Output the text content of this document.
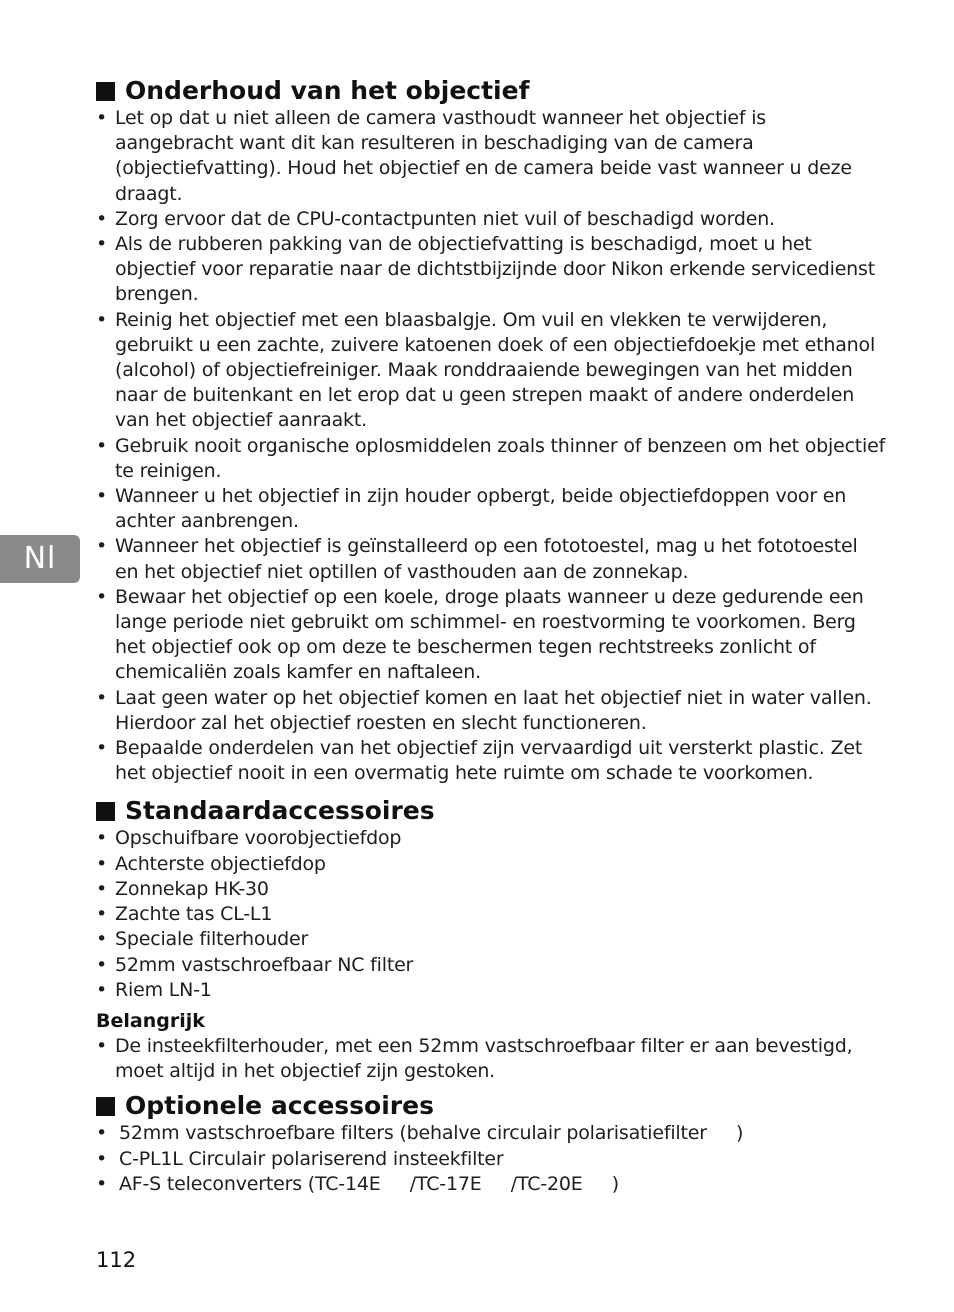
Nl
Onderhoud van het objectief
• Let op dat u niet alleen de camera vasthoudt wanneer het objectief is aangebracht want dit kan resulteren in beschadiging van de camera (objectiefvatting). Houd het objectief en de camera beide vast wanneer u deze draagt.
• Zorg ervoor dat de CPU-contactpunten niet vuil of beschadigd worden.
• Als de rubberen pakking van de objectiefvatting is beschadigd, moet u het objectief voor reparatie naar de dichtstbijzijnde door Nikon erkende servicedienst brengen.
• Reinig het objectief met een blaasbalgje. Om vuil en vlekken te verwijderen, gebruikt u een zachte, zuivere katoenen doek of een objectiefdoekje met ethanol (alcohol) of objectiefreiniger. Maak ronddraaiende bewegingen van het midden naar de buitenkant en let erop dat u geen strepen maakt of andere onderdelen van het objectief aanraakt.
• Gebruik nooit organische oplosmiddelen zoals thinner of benzeen om het objectief te reinigen.
• Wanneer u het objectief in zijn houder opbergt, beide objectiefdoppen voor en achter aanbrengen.
• Wanneer het objectief is geïnstalleerd op een fototoestel, mag u het fototoestel en het objectief niet optillen of vasthouden aan de zonnekap.
• Bewaar het objectief op een koele, droge plaats wanneer u deze gedurende een lange periode niet gebruikt om schimmel- en roestvorming te voorkomen. Berg het objectief ook op om deze te beschermen tegen rechtstreeks zonlicht of chemicaliën zoals kamfer en naftaleen.
• Laat geen water op het objectief komen en laat het objectief niet in water vallen. Hierdoor zal het objectief roesten en slecht functioneren.
• Bepaalde onderdelen van het objectief zijn vervaardigd uit versterkt plastic. Zet het objectief nooit in een overmatig hete ruimte om schade te voorkomen.
Standaardaccessoires
• Opschuifbare voorobjectiefdop
• Achterste objectiefdop
• Zonnekap HK-30
• Zachte tas CL-L1
• Speciale filterhouder
• 52mm vastschroefbaar NC filter
• Riem LN-1
Belangrijk
• De insteekfilterhouder, met een 52mm vastschroefbaar filter er aan bevestigd, moet altijd in het objectief zijn gestoken.
Optionele accessoires
• 52mm vastschroefbare filters (behalve circulair polarisatiefilter     )
• C-PL1L Circulair polariserend insteekfilter
• AF-S teleconverters (TC-14E     /TC-17E     /TC-20E     )
112
